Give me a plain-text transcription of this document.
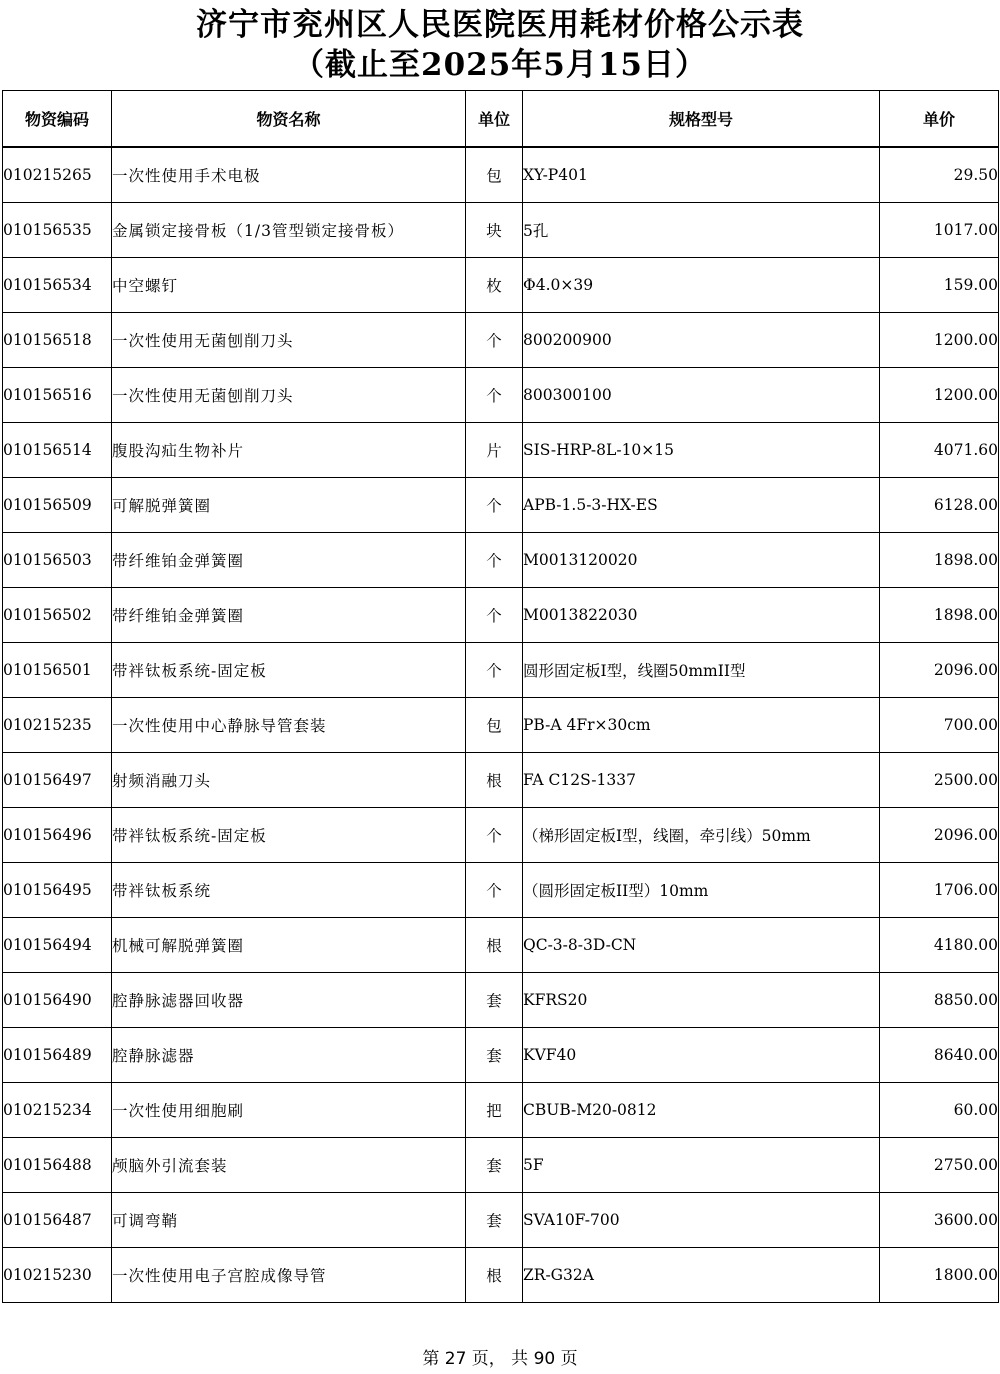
济宁市兖州区人民医院医用耗材价格公示表
（截止至2025年5月15日）
物资编码	物资名称	单位	规格型号	单价
010215265	一次性使用手术电极	包	XY-P401	29.50
010156535	金属锁定接骨板（1/3管型锁定接骨板）	块	5孔	1017.00
010156534	中空螺钉	枚	Φ4.0×39	159.00
010156518	一次性使用无菌刨削刀头	个	800200900	1200.00
010156516	一次性使用无菌刨削刀头	个	800300100	1200.00
010156514	腹股沟疝生物补片	片	SIS-HRP-8L-10×15	4071.60
010156509	可解脱弹簧圈	个	APB-1.5-3-HX-ES	6128.00
010156503	带纤维铂金弹簧圈	个	M0013120020	1898.00
010156502	带纤维铂金弹簧圈	个	M0013822030	1898.00
010156501	带袢钛板系统-固定板	个	圆形固定板I型，线圈50mmII型	2096.00
010215235	一次性使用中心静脉导管套装	包	PB-A 4Fr×30cm	700.00
010156497	射频消融刀头	根	FA C12S-1337	2500.00
010156496	带袢钛板系统-固定板	个	（梯形固定板I型，线圈，牵引线）50mm	2096.00
010156495	带袢钛板系统	个	（圆形固定板II型）10mm	1706.00
010156494	机械可解脱弹簧圈	根	QC-3-8-3D-CN	4180.00
010156490	腔静脉滤器回收器	套	KFRS20	8850.00
010156489	腔静脉滤器	套	KVF40	8640.00
010215234	一次性使用细胞刷	把	CBUB-M20-0812	60.00
010156488	颅脑外引流套装	套	5F	2750.00
010156487	可调弯鞘	套	SVA10F-700	3600.00
010215230	一次性使用电子宫腔成像导管	根	ZR-G32A	1800.00
第 27 页， 共 90 页
